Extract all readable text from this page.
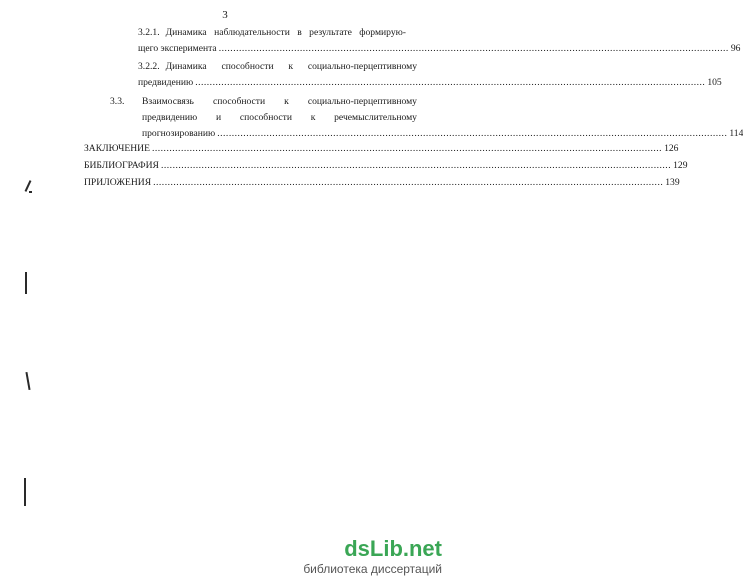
3
3.2.1. Динамика наблюдательности в результате формирую-
щего эксперимента ................................................................................................................................................................................ 96
3.2.2. Динамика способности к социально-перцептивному
предвидению ................................................................................................................................................................................ 105
3.3.	Взаимосвязь способности к социально-перцептивному
предвидению и способности к речемыслительному
прогнозированию ................................................................................................................................................................................ 114
ЗАКЛЮЧЕНИЕ ................................................................................................................................................................................ 126
БИБЛИОГРАФИЯ ................................................................................................................................................................................ 129
ПРИЛОЖЕНИЯ ................................................................................................................................................................................ 139
dsLib.net
библиотека диссертаций
